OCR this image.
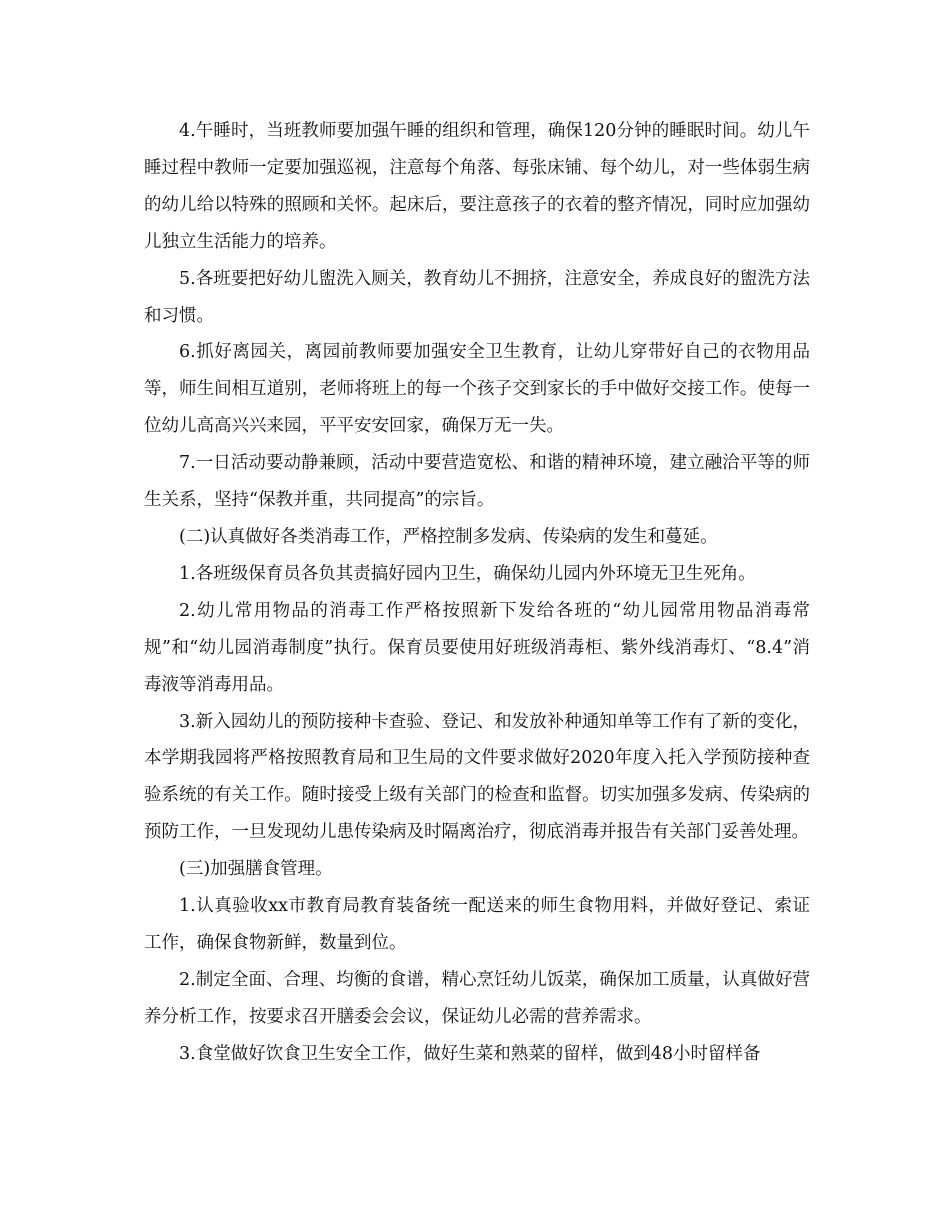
4.午睡时，当班教师要加强午睡的组织和管理，确保120分钟的睡眠时间。幼儿午睡过程中教师一定要加强巡视，注意每个角落、每张床铺、每个幼儿，对一些体弱生病的幼儿给以特殊的照顾和关怀。起床后，要注意孩子的衣着的整齐情况，同时应加强幼儿独立生活能力的培养。

5.各班要把好幼儿盥洗入厕关，教育幼儿不拥挤，注意安全，养成良好的盥洗方法和习惯。

6.抓好离园关，离园前教师要加强安全卫生教育，让幼儿穿带好自己的衣物用品等，师生间相互道别，老师将班上的每一个孩子交到家长的手中做好交接工作。使每一位幼儿高高兴兴来园，平平安安回家，确保万无一失。

7.一日活动要动静兼顾，活动中要营造宽松、和谐的精神环境，建立融洽平等的师生关系，坚持“保教并重，共同提高”的宗旨。

(二)认真做好各类消毒工作，严格控制多发病、传染病的发生和蔓延。

1.各班级保育员各负其责搞好园内卫生，确保幼儿园内外环境无卫生死角。

2.幼儿常用物品的消毒工作严格按照新下发给各班的“幼儿园常用物品消毒常规”和“幼儿园消毒制度”执行。保育员要使用好班级消毒柜、紫外线消毒灯、“8.4”消毒液等消毒用品。

3.新入园幼儿的预防接种卡查验、登记、和发放补种通知单等工作有了新的变化，本学期我园将严格按照教育局和卫生局的文件要求做好2020年度入托入学预防接种查验系统的有关工作。随时接受上级有关部门的检查和监督。切实加强多发病、传染病的预防工作，一旦发现幼儿患传染病及时隔离治疗，彻底消毒并报告有关部门妥善处理。

(三)加强膳食管理。

1.认真验收xx市教育局教育装备统一配送来的师生食物用料，并做好登记、索证工作，确保食物新鲜，数量到位。

2.制定全面、合理、均衡的食谱，精心烹饪幼儿饭菜，确保加工质量，认真做好营养分析工作，按要求召开膳委会会议，保证幼儿必需的营养需求。

3.食堂做好饮食卫生安全工作，做好生菜和熟菜的留样，做到48小时留样备
